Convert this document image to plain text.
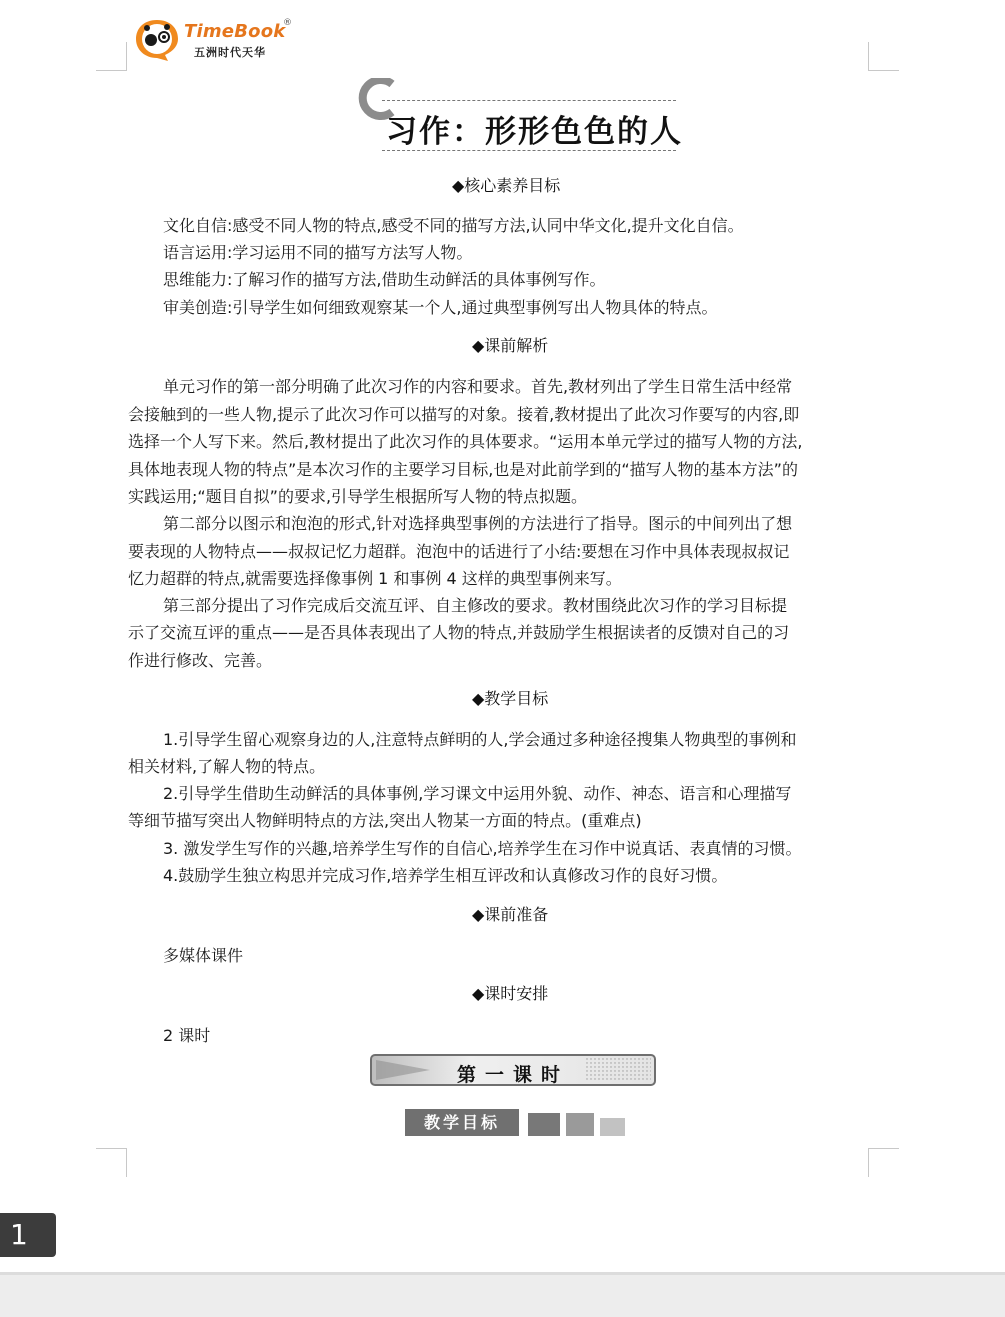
TimeBook
®
五洲时代天华
习作：形形色色的人
◆核心素养目标
文化自信:感受不同人物的特点,感受不同的描写方法,认同中华文化,提升文化自信。
语言运用:学习运用不同的描写方法写人物。
思维能力:了解习作的描写方法,借助生动鲜活的具体事例写作。
审美创造:引导学生如何细致观察某一个人,通过典型事例写出人物具体的特点。
◆课前解析
单元习作的第一部分明确了此次习作的内容和要求。首先,教材列出了学生日常生活中经常
会接触到的一些人物,提示了此次习作可以描写的对象。接着,教材提出了此次习作要写的内容,即
选择一个人写下来。然后,教材提出了此次习作的具体要求。“运用本单元学过的描写人物的方法,
具体地表现人物的特点”是本次习作的主要学习目标,也是对此前学到的“描写人物的基本方法”的
实践运用;“题目自拟”的要求,引导学生根据所写人物的特点拟题。
第二部分以图示和泡泡的形式,针对选择典型事例的方法进行了指导。图示的中间列出了想
要表现的人物特点——叔叔记忆力超群。泡泡中的话进行了小结:要想在习作中具体表现叔叔记
忆力超群的特点,就需要选择像事例 1 和事例 4 这样的典型事例来写。
第三部分提出了习作完成后交流互评、自主修改的要求。教材围绕此次习作的学习目标提
示了交流互评的重点——是否具体表现出了人物的特点,并鼓励学生根据读者的反馈对自己的习
作进行修改、完善。
◆教学目标
1.引导学生留心观察身边的人,注意特点鲜明的人,学会通过多种途径搜集人物典型的事例和
相关材料,了解人物的特点。
2.引导学生借助生动鲜活的具体事例,学习课文中运用外貌、动作、神态、语言和心理描写
等细节描写突出人物鲜明特点的方法,突出人物某一方面的特点。(重难点)
3. 激发学生写作的兴趣,培养学生写作的自信心,培养学生在习作中说真话、表真情的习惯。
4.鼓励学生独立构思并完成习作,培养学生相互评改和认真修改习作的良好习惯。
◆课前准备
多媒体课件
◆课时安排
2 课时
第一课时
教学目标
1
